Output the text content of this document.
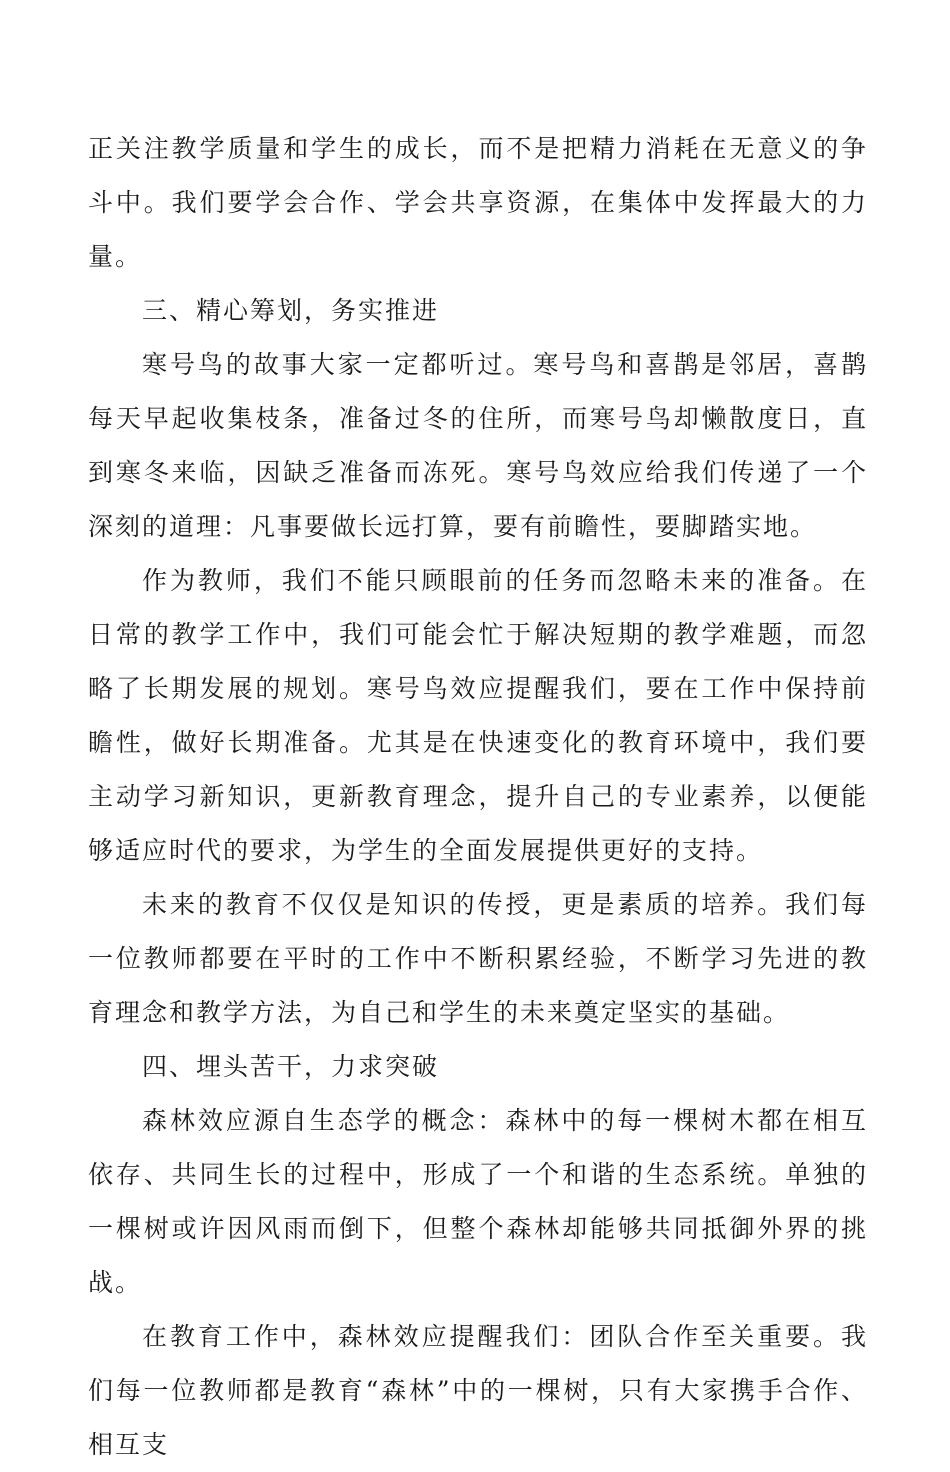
正关注教学质量和学生的成长，而不是把精力消耗在无意义的争斗中。我们要学会合作、学会共享资源，在集体中发挥最大的力量。

三、精心筹划，务实推进

寒号鸟的故事大家一定都听过。寒号鸟和喜鹊是邻居，喜鹊每天早起收集枝条，准备过冬的住所，而寒号鸟却懒散度日，直到寒冬来临，因缺乏准备而冻死。寒号鸟效应给我们传递了一个深刻的道理：凡事要做长远打算，要有前瞻性，要脚踏实地。

作为教师，我们不能只顾眼前的任务而忽略未来的准备。在日常的教学工作中，我们可能会忙于解决短期的教学难题，而忽略了长期发展的规划。寒号鸟效应提醒我们，要在工作中保持前瞻性，做好长期准备。尤其是在快速变化的教育环境中，我们要主动学习新知识，更新教育理念，提升自己的专业素养，以便能够适应时代的要求，为学生的全面发展提供更好的支持。

未来的教育不仅仅是知识的传授，更是素质的培养。我们每一位教师都要在平时的工作中不断积累经验，不断学习先进的教育理念和教学方法，为自己和学生的未来奠定坚实的基础。

四、埋头苦干，力求突破

森林效应源自生态学的概念：森林中的每一棵树木都在相互依存、共同生长的过程中，形成了一个和谐的生态系统。单独的一棵树或许因风雨而倒下，但整个森林却能够共同抵御外界的挑战。

在教育工作中，森林效应提醒我们：团队合作至关重要。我们每一位教师都是教育“森林”中的一棵树，只有大家携手合作、相互支
